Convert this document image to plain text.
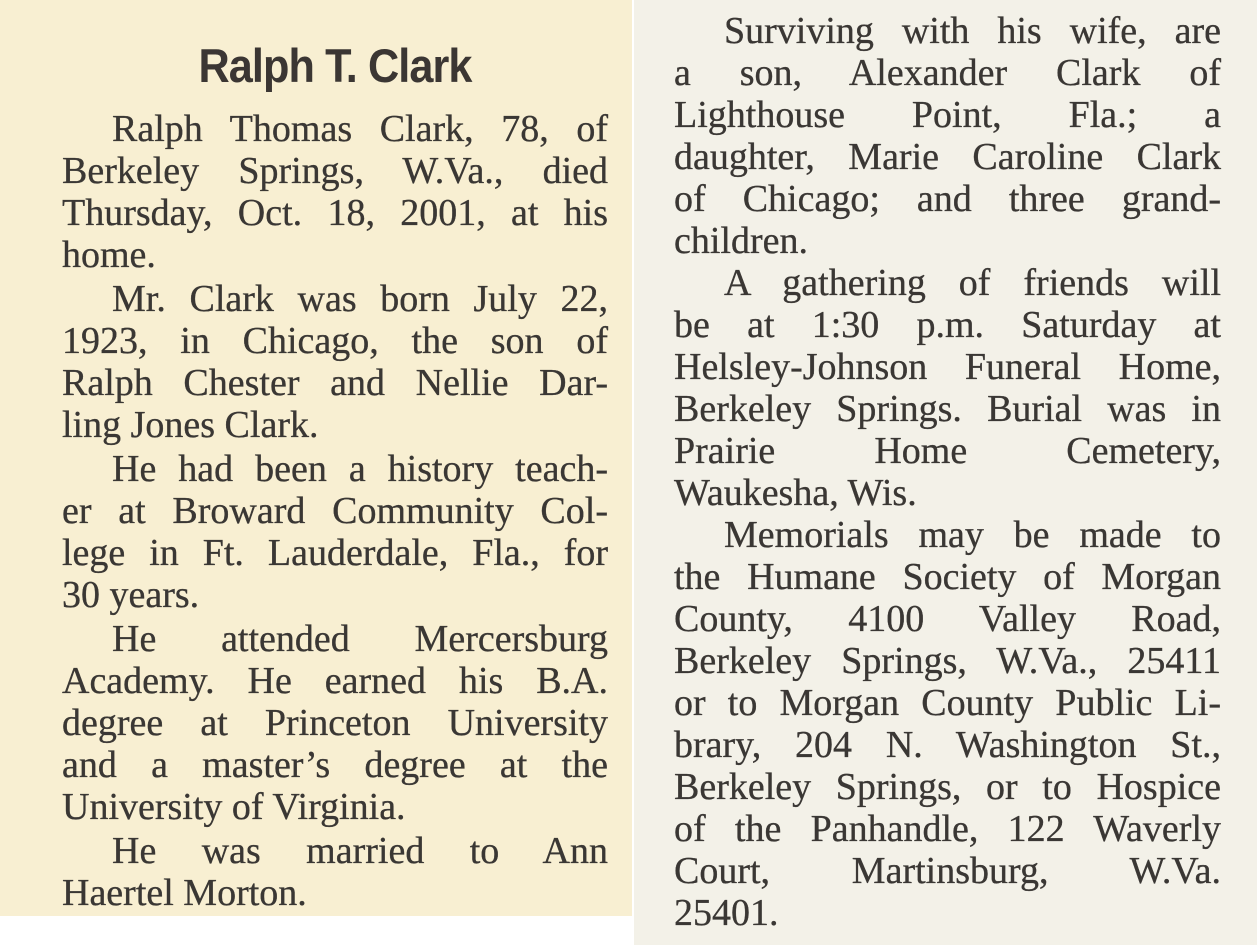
Ralph T. Clark

Ralph Thomas Clark, 78, of
Berkeley Springs, W.Va., died
Thursday, Oct. 18, 2001, at his
home.

Mr. Clark was born July 22,
1923, in Chicago, the son of
Ralph Chester and Nellie Dar-
ling Jones Clark.

He had been a history teach-
er at Broward Community Col-
lege in Ft. Lauderdale, Fla., for
30 years.

He attended Mercersburg
Academy. He earned his B.A.
degree at Princeton University
and a master’s degree at the
University of Virginia.

He was married to Ann
Haertel Morton.

Surviving with his wife, are
a son, Alexander Clark of
Lighthouse Point, Fla.; a
daughter, Marie Caroline Clark
of Chicago; and three grand-
children.

A gathering of friends will
be at 1:30 p.m. Saturday at
Helsley-Johnson Funeral Home,
Berkeley Springs. Burial was in
Prairie Home Cemetery,
Waukesha, Wis.

Memorials may be made to
the Humane Society of Morgan
County, 4100 Valley Road,
Berkeley Springs, W.Va., 25411
or to Morgan County Public Li-
brary, 204 N. Washington St.,
Berkeley Springs, or to Hospice
of the Panhandle, 122 Waverly
Court, Martinsburg, W.Va.
25401.
